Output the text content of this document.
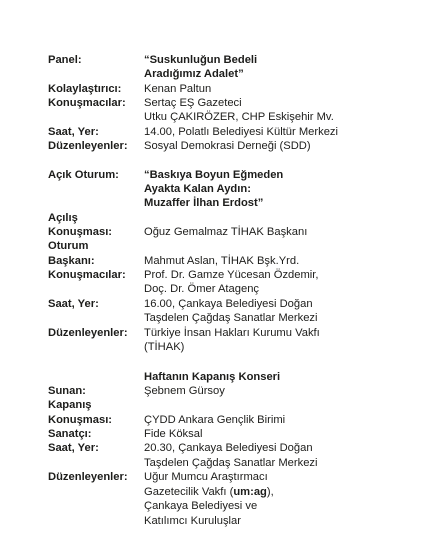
Panel:	“Suskunluğun Bedeli
Aradığımız Adalet”
Kolaylaştırıcı: Kenan Paltun
Konuşmacılar: Sertaç EŞ Gazeteci
Utku ÇAKIRÖZER, CHP Eskişehir Mv.
Saat, Yer:	14.00, Polatlı Belediyesi Kültür Merkezi
Düzenleyenler: Sosyal Demokrasi Derneği (SDD)
Açık Oturum: “Baskıya Boyun Eğmeden
Ayakta Kalan Aydın:
Muzaffer İlhan Erdost”
Açılış
Konuşması:	Oğuz Gemalmaz TİHAK Başkanı
Oturum
Başkanı:	Mahmut Aslan, TİHAK Bşk.Yrd.
Konuşmacılar: Prof. Dr. Gamze Yücesan Özdemir,
Doç. Dr. Ömer Atagenç
Saat, Yer:	16.00, Çankaya Belediyesi Doğan
Taşdelen Çağdaş Sanatlar Merkezi
Düzenleyenler: Türkiye İnsan Hakları Kurumu Vakfı
(TİHAK)
Haftanın Kapanış Konseri
Sunan:	Şebnem Gürsoy
Kapanış
Konuşması:	ÇYDD Ankara Gençlik Birimi
Sanatçı:	Fide Köksal
Saat, Yer:	20.30, Çankaya Belediyesi Doğan
Taşdelen Çağdaş Sanatlar Merkezi
Düzenleyenler: Uğur Mumcu Araştırmacı
Gazetecilik Vakfı (um:ag),
Çankaya Belediyesi ve
Katılımcı Kuruluşlar
